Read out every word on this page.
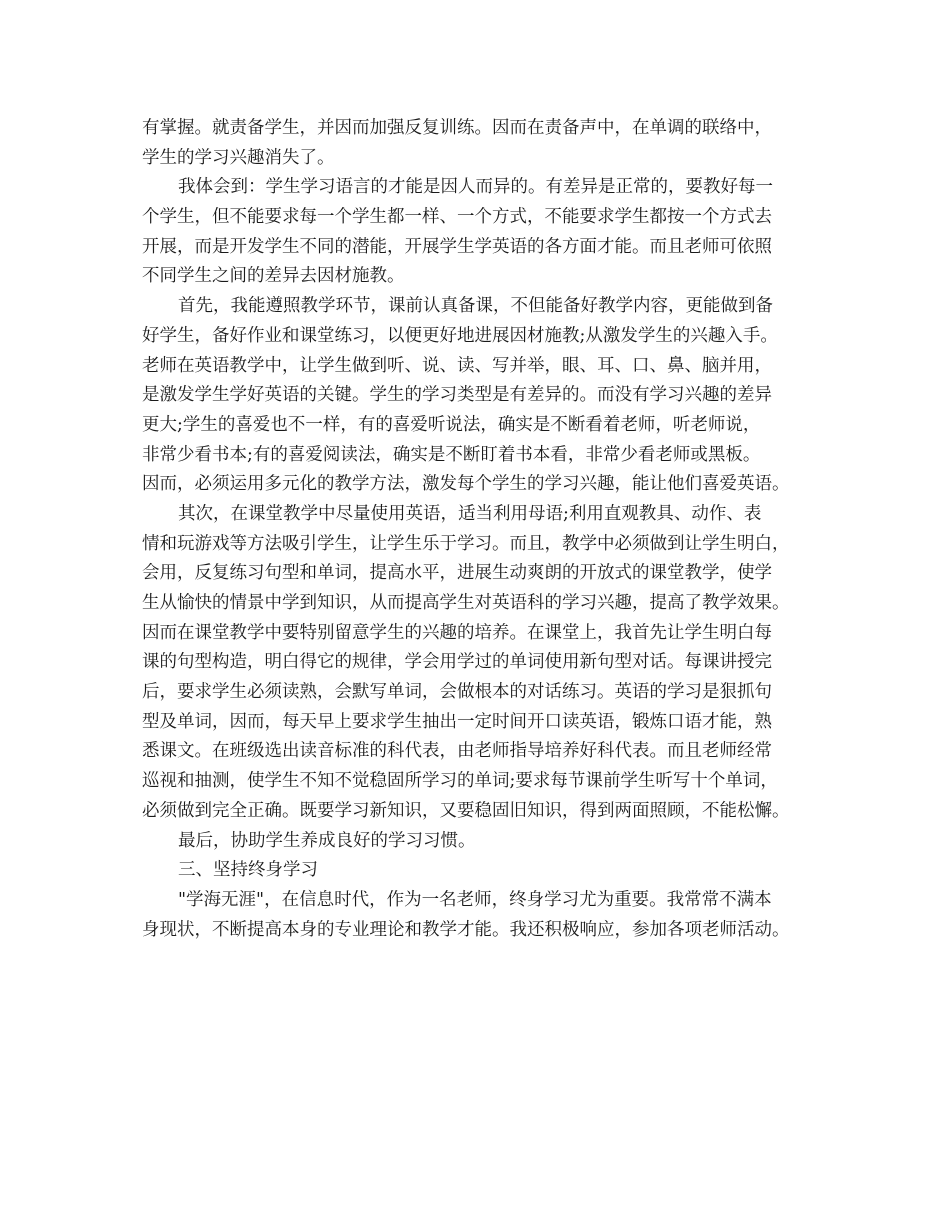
有掌握。就责备学生，并因而加强反复训练。因而在责备声中，在单调的联络中，
学生的学习兴趣消失了。
我体会到：学生学习语言的才能是因人而异的。有差异是正常的，要教好每一
个学生，但不能要求每一个学生都一样、一个方式，不能要求学生都按一个方式去
开展，而是开发学生不同的潜能，开展学生学英语的各方面才能。而且老师可依照
不同学生之间的差异去因材施教。
首先，我能遵照教学环节，课前认真备课，不但能备好教学内容，更能做到备
好学生，备好作业和课堂练习，以便更好地进展因材施教;从激发学生的兴趣入手。
老师在英语教学中，让学生做到听、说、读、写并举，眼、耳、口、鼻、脑并用，
是激发学生学好英语的关键。学生的学习类型是有差异的。而没有学习兴趣的差异
更大;学生的喜爱也不一样，有的喜爱听说法，确实是不断看着老师，听老师说，
非常少看书本;有的喜爱阅读法，确实是不断盯着书本看，非常少看老师或黑板。
因而，必须运用多元化的教学方法，激发每个学生的学习兴趣，能让他们喜爱英语。
其次，在课堂教学中尽量使用英语，适当利用母语;利用直观教具、动作、表
情和玩游戏等方法吸引学生，让学生乐于学习。而且，教学中必须做到让学生明白，
会用，反复练习句型和单词，提高水平，进展生动爽朗的开放式的课堂教学，使学
生从愉快的情景中学到知识，从而提高学生对英语科的学习兴趣，提高了教学效果。
因而在课堂教学中要特别留意学生的兴趣的培养。在课堂上，我首先让学生明白每
课的句型构造，明白得它的规律，学会用学过的单词使用新句型对话。每课讲授完
后，要求学生必须读熟，会默写单词，会做根本的对话练习。英语的学习是狠抓句
型及单词，因而，每天早上要求学生抽出一定时间开口读英语，锻炼口语才能，熟
悉课文。在班级选出读音标准的科代表，由老师指导培养好科代表。而且老师经常
巡视和抽测，使学生不知不觉稳固所学习的单词;要求每节课前学生听写十个单词，
必须做到完全正确。既要学习新知识，又要稳固旧知识，得到两面照顾，不能松懈。
最后，协助学生养成良好的学习习惯。
三、坚持终身学习
"学海无涯"，在信息时代，作为一名老师，终身学习尤为重要。我常常不满本
身现状，不断提高本身的专业理论和教学才能。我还积极响应，参加各项老师活动。
